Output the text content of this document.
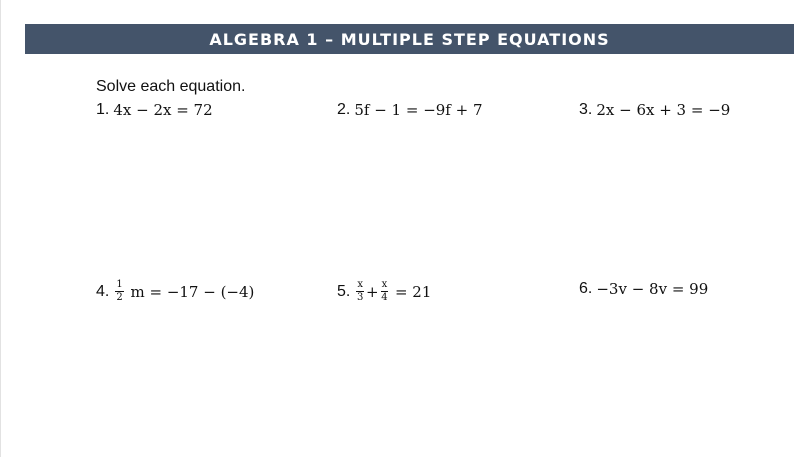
ALGEBRA 1 – MULTIPLE STEP EQUATIONS
Solve each equation.
1. 4x − 2x = 72	2. 5f − 1 = −9f + 7	3. 2x − 6x + 3 = −9
4. $\frac{1}{2}$ m = −17 − (−4)	5. $\frac{x}{3} + \frac{x}{4} = 21$	6. −3v − 8v = 99
